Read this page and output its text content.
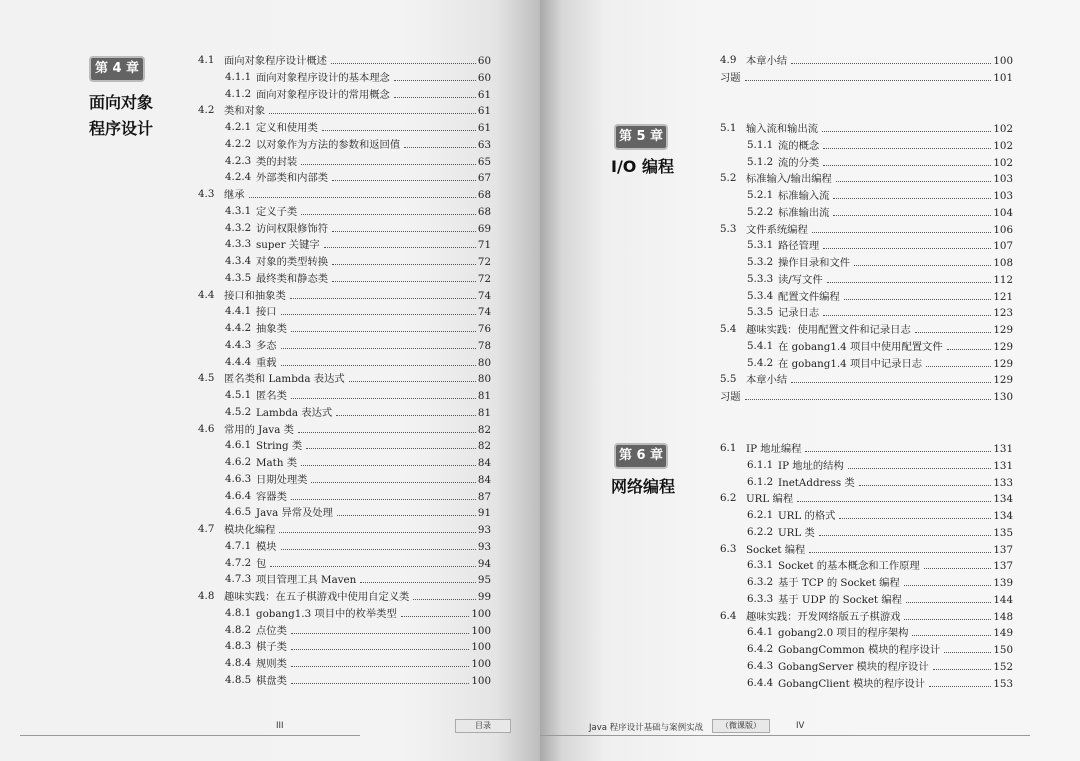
第 4 章
面向对象
程序设计
4.1 面向对象程序设计概述	60
4.1.1 面向对象程序设计的基本理念	60
4.1.2 面向对象程序设计的常用概念	61
4.2 类和对象	61
4.2.1 定义和使用类	61
4.2.2 以对象作为方法的参数和返回值	63
4.2.3 类的封装	65
4.2.4 外部类和内部类	67
4.3 继承	68
4.3.1 定义子类	68
4.3.2 访问权限修饰符	69
4.3.3 super 关键字	71
4.3.4 对象的类型转换	72
4.3.5 最终类和静态类	72
4.4 接口和抽象类	74
4.4.1 接口	74
4.4.2 抽象类	76
4.4.3 多态	78
4.4.4 重载	80
4.5 匿名类和 Lambda 表达式	80
4.5.1 匿名类	81
4.5.2 Lambda 表达式	81
4.6 常用的 Java 类	82
4.6.1 String 类	82
4.6.2 Math 类	84
4.6.3 日期处理类	84
4.6.4 容器类	87
4.6.5 Java 异常及处理	91
4.7 模块化编程	93
4.7.1 模块	93
4.7.2 包	94
4.7.3 项目管理工具 Maven	95
4.8 趣味实践：在五子棋游戏中使用自定义类	99
4.8.1 gobang1.3 项目中的枚举类型	100
4.8.2 点位类	100
4.8.3 棋子类	100
4.8.4 规则类	100
4.8.5 棋盘类	100
III	目录
4.9 本章小结	100
习题	101
第 5 章
I/O 编程
5.1 输入流和输出流	102
5.1.1 流的概念	102
5.1.2 流的分类	102
5.2 标准输入/输出编程	103
5.2.1 标准输入流	103
5.2.2 标准输出流	104
5.3 文件系统编程	106
5.3.1 路径管理	107
5.3.2 操作目录和文件	108
5.3.3 读/写文件	112
5.3.4 配置文件编程	121
5.3.5 记录日志	123
5.4 趣味实践：使用配置文件和记录日志	129
5.4.1 在 gobang1.4 项目中使用配置文件	129
5.4.2 在 gobang1.4 项目中记录日志	129
5.5 本章小结	129
习题	130
第 6 章
网络编程
6.1 IP 地址编程	131
6.1.1 IP 地址的结构	131
6.1.2 InetAddress 类	133
6.2 URL 编程	134
6.2.1 URL 的格式	134
6.2.2 URL 类	135
6.3 Socket 编程	137
6.3.1 Socket 的基本概念和工作原理	137
6.3.2 基于 TCP 的 Socket 编程	139
6.3.3 基于 UDP 的 Socket 编程	144
6.4 趣味实践：开发网络版五子棋游戏	148
6.4.1 gobang2.0 项目的程序架构	149
6.4.2 GobangCommon 模块的程序设计	150
6.4.3 GobangServer 模块的程序设计	152
6.4.4 GobangClient 模块的程序设计	153
Java 程序设计基础与案例实战	（微课版）	IV
